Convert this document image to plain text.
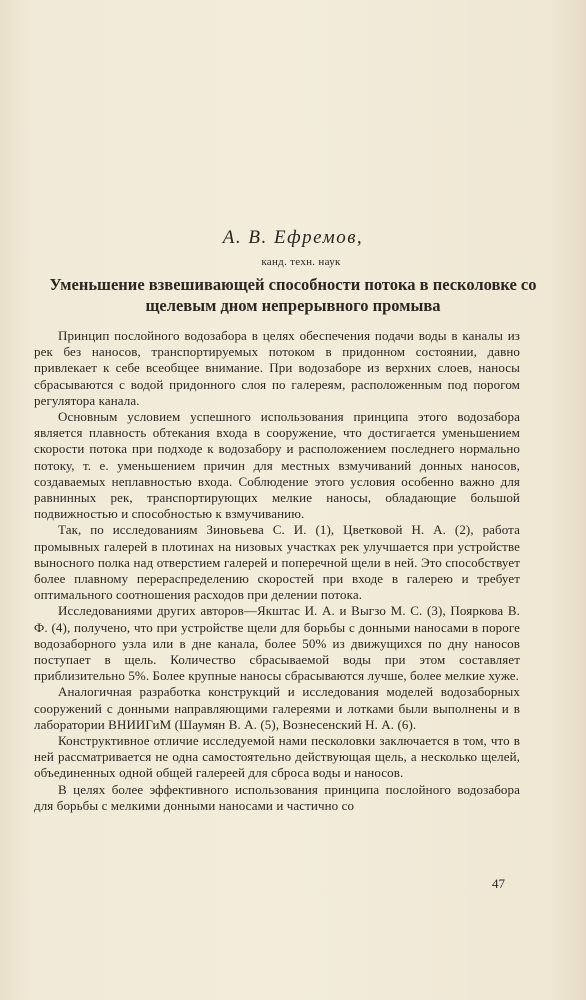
А. В. Ефремов,
канд. техн. наук
Уменьшение взвешивающей способности потока в песколовке со щелевым дном непрерывного промыва

Принцип послойного водозабора в целях обеспечения подачи воды в каналы из рек без наносов, транспортируемых потоком в придонном состоянии, давно привлекает к себе всеобщее внимание. При водозаборе из верхних слоев, наносы сбрасываются с водой придонного слоя по галереям, расположенным под порогом регулятора канала.

Основным условием успешного использования принципа этого водозабора является плавность обтекания входа в сооружение, что достигается уменьшением скорости потока при подходе к водозабору и расположением последнего нормально потоку, т. е. уменьшением причин для местных взмучиваний донных наносов, создаваемых неплавностью входа. Соблюдение этого условия особенно важно для равнинных рек, транспортирующих мелкие наносы, обладающие большой подвижностью и способностью к взмучиванию.

Так, по исследованиям Зиновьева С. И. (1), Цветковой Н. А. (2), работа промывных галерей в плотинах на низовых участках рек улучшается при устройстве выносного полка над отверстием галерей и поперечной щели в ней. Это способствует более плавному перераспределению скоростей при входе в галерею и требует оптимального соотношения расходов при делении потока.

Исследованиями других авторов—Якштас И. А. и Выгзо М. С. (3), Пояркова В. Ф. (4), получено, что при устройстве щели для борьбы с донными наносами в пороге водозаборного узла или в дне канала, более 50% из движущихся по дну наносов поступает в щель. Количество сбрасываемой воды при этом составляет приблизительно 5%. Более крупные наносы сбрасываются лучше, более мелкие хуже.

Аналогичная разработка конструкций и исследования моделей водозаборных сооружений с донными направляющими галереями и лотками были выполнены и в лаборатории ВНИИГиМ (Шаумян В. А. (5), Вознесенский Н. А. (6).

Конструктивное отличие исследуемой нами песколовки заключается в том, что в ней рассматривается не одна самостоятельно действующая щель, а несколько щелей, объединенных одной общей галереей для сброса воды и наносов.

В целях более эффективного использования принципа послойного водозабора для борьбы с мелкими донными наносами и частично со

47
